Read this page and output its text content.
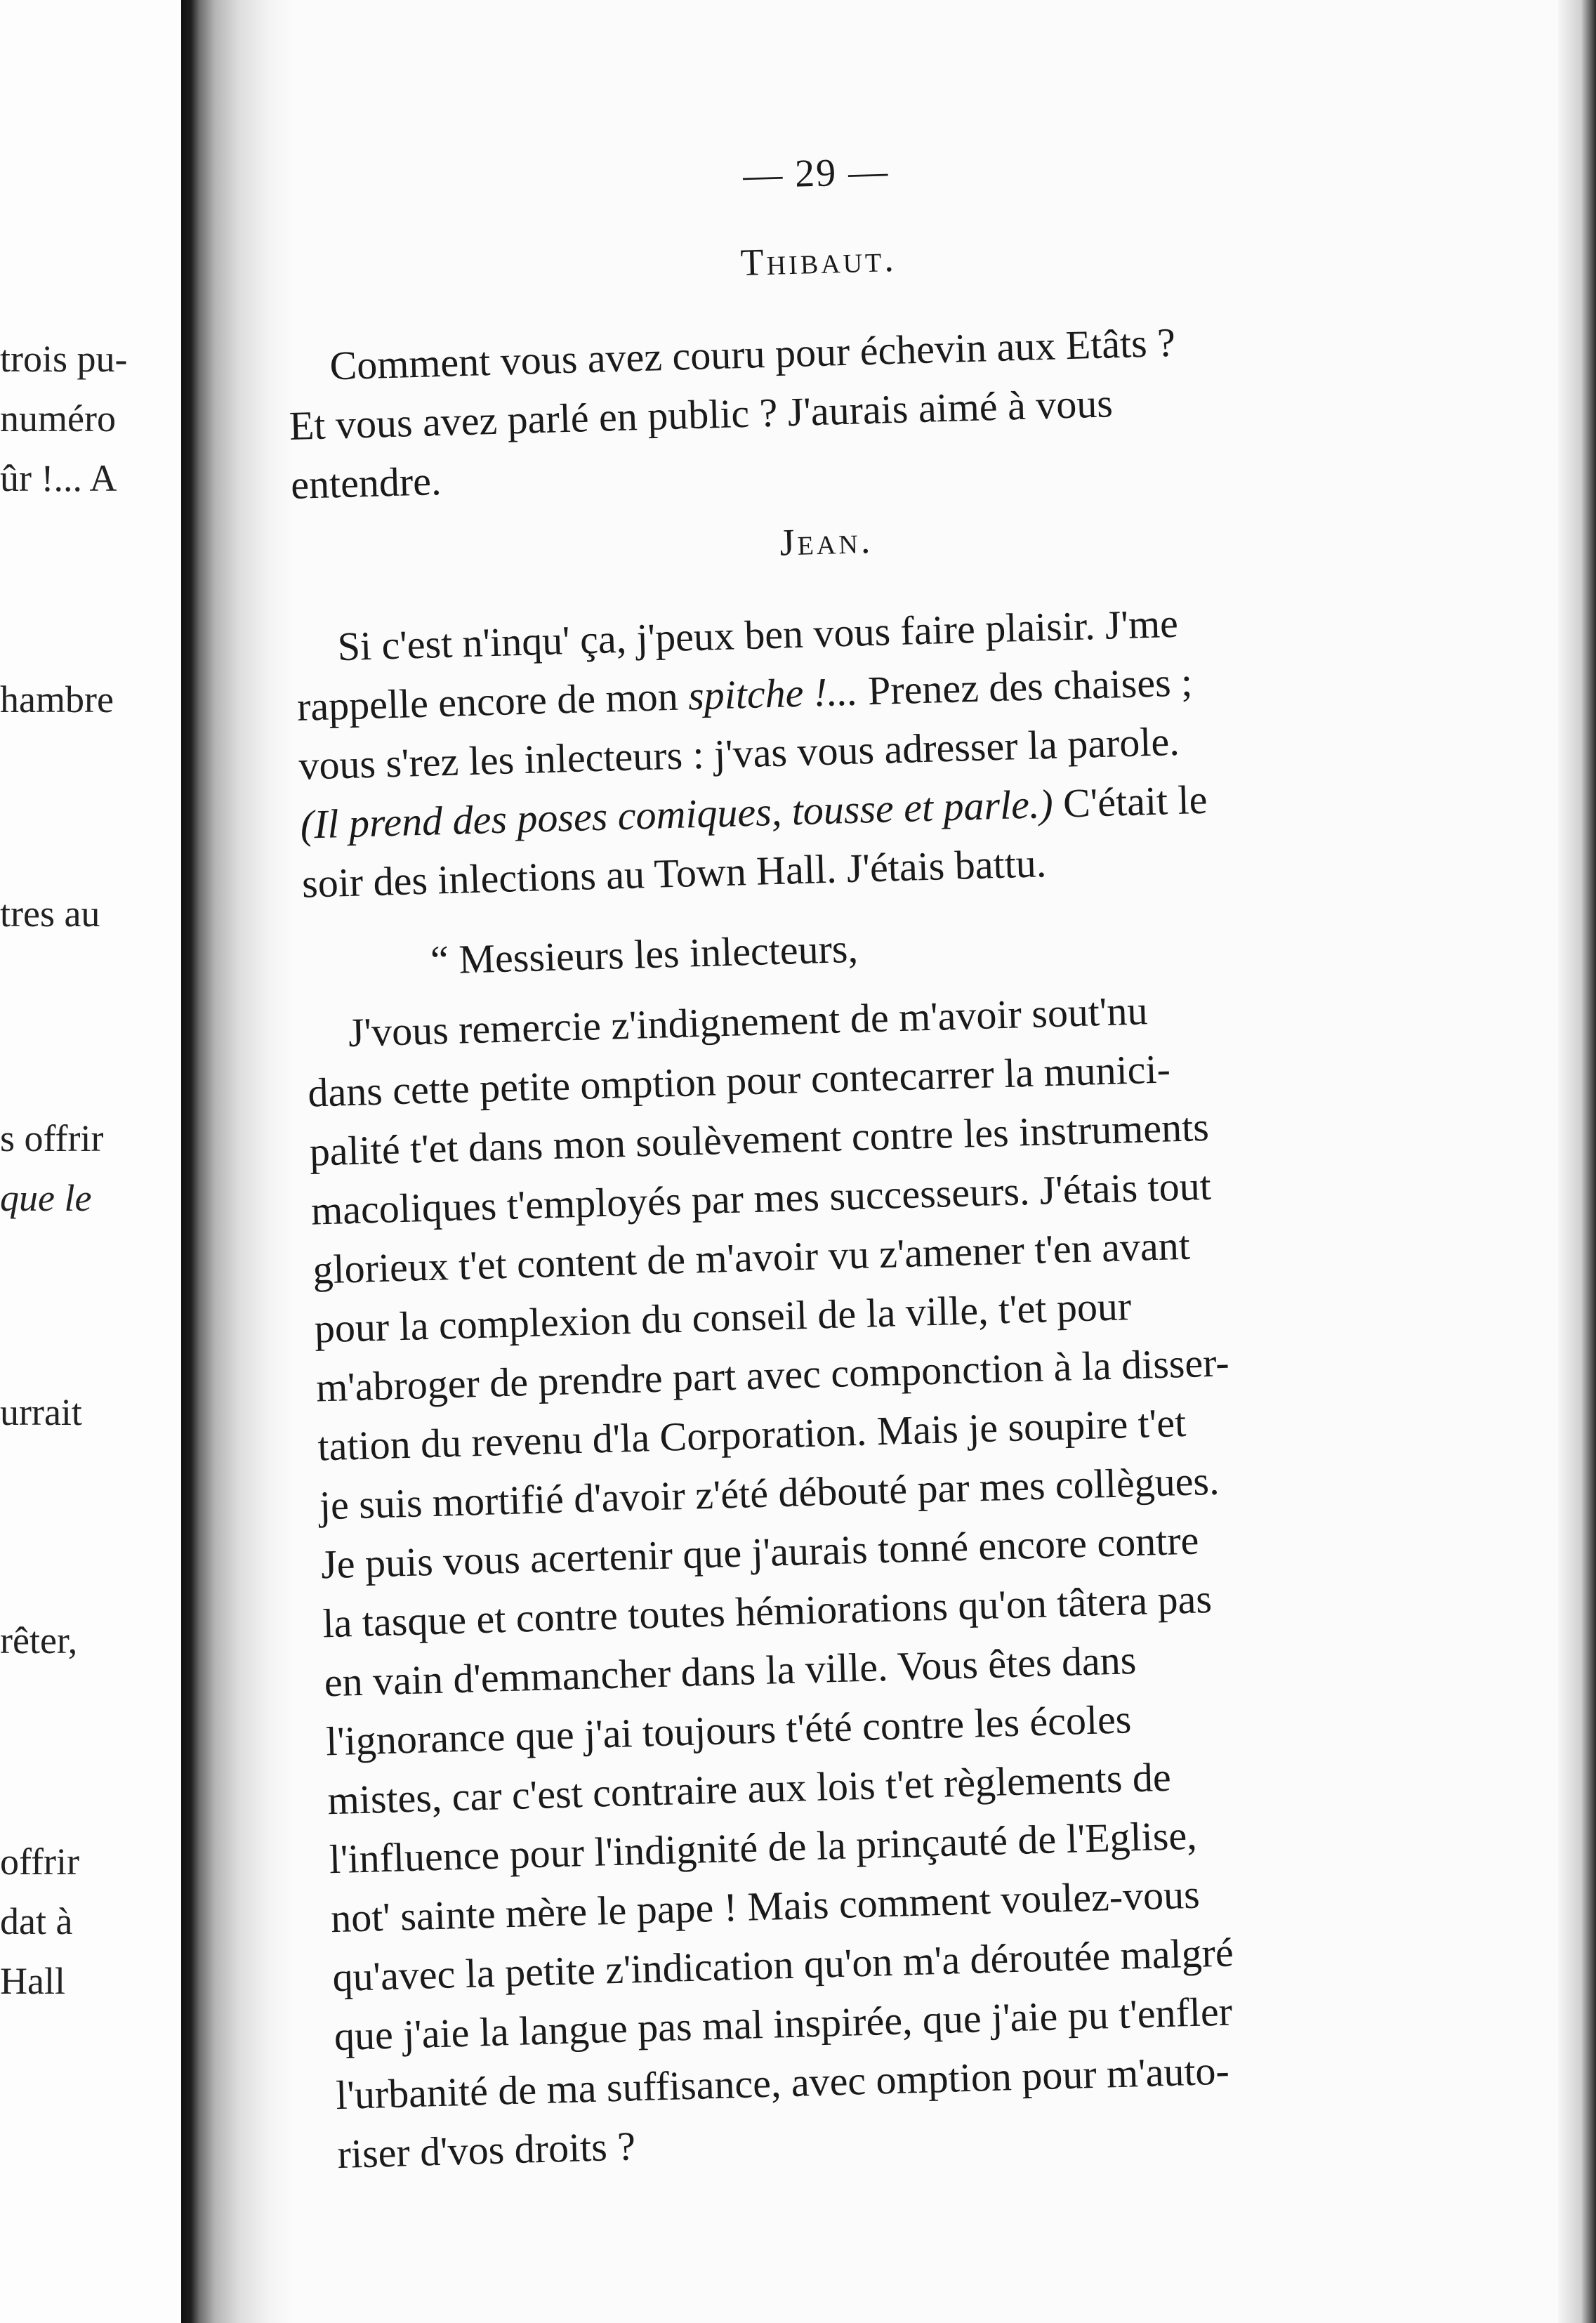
trois pu-
numéro
ûr !... A
hambre
tres au
s offrir
que le
urrait
rêter,
offrir
dat à
Hall
— 29 —
Thibaut.

Comment vous avez couru pour échevin aux Etâts ?
Et vous avez parlé en public ? J'aurais aimé à vous
entendre.

Jean.

Si c'est n'inqu' ça, j'peux ben vous faire plaisir. J'me
rappelle encore de mon spitche !... Prenez des chaises ;
vous s'rez les inlecteurs : j'vas vous adresser la parole.
(Il prend des poses comiques, tousse et parle.) C'était le
soir des inlections au Town Hall. J'étais battu.

“ Messieurs les inlecteurs,

J'vous remercie z'indignement de m'avoir sout'nu
dans cette petite omption pour contecarrer la munici-
palité t'et dans mon soulèvement contre les instruments
macoliques t'employés par mes successeurs. J'étais tout
glorieux t'et content de m'avoir vu z'amener t'en avant
pour la complexion du conseil de la ville, t'et pour
m'abroger de prendre part avec componction à la disser-
tation du revenu d'la Corporation. Mais je soupire t'et
je suis mortifié d'avoir z'été débouté par mes collègues.
Je puis vous acertenir que j'aurais tonné encore contre
la tasque et contre toutes hémiorations qu'on tâtera pas
en vain d'emmancher dans la ville. Vous êtes dans
l'ignorance que j'ai toujours t'été contre les écoles
mistes, car c'est contraire aux lois t'et règlements de
l'influence pour l'indignité de la prinçauté de l'Eglise,
not' sainte mère le pape ! Mais comment voulez-vous
qu'avec la petite z'indication qu'on m'a déroutée malgré
que j'aie la langue pas mal inspirée, que j'aie pu t'enfler
l'urbanité de ma suffisance, avec omption pour m'auto-
riser d'vos droits ?
